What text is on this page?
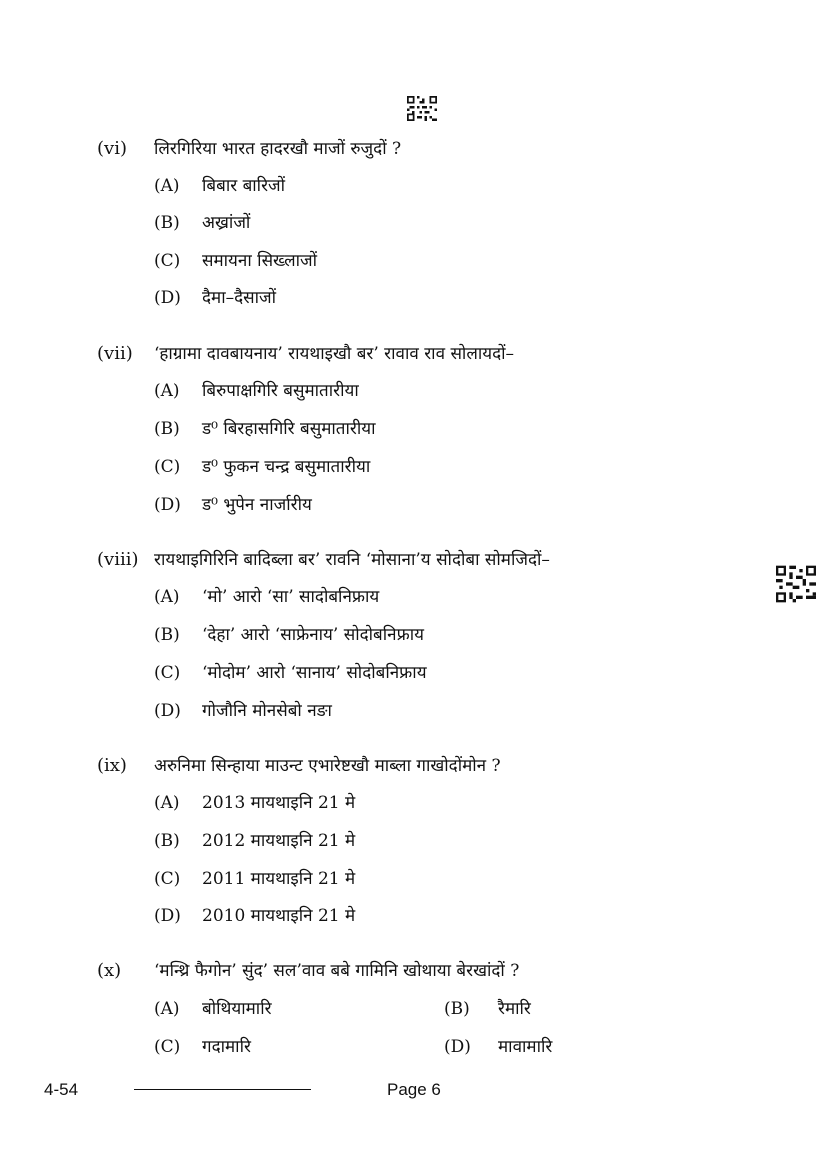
(vi) लिरगिरिया भारत हादरखौ माजों रुजुदों ?
(A) बिबार बारिजों
(B) अख्रांजों
(C) समायना सिख्लाजों
(D) दैमा–दैसाजों
(vii) ‘हाग्रामा दावबायनाय’ रायथाइखौ बर’ रावाव राव सोलायदों–
(A) बिरुपाक्षगिरि बसुमातारीया
(B) ड⁰ बिरहासगिरि बसुमातारीया
(C) ड⁰ फुकन चन्द्र बसुमातारीया
(D) ड⁰ भुपेन नार्जारीय
(viii) रायथाइगिरिनि बादिब्ला बर’ रावनि ‘मोसाना’य सोदोबा सोमजिदों–
(A) ‘मो’ आरो ‘सा’ सादोबनिफ्राय
(B) ‘देहा’ आरो ‘साफ्रेनाय’ सोदोबनिफ्राय
(C) ‘मोदोम’ आरो ‘सानाय’ सोदोबनिफ्राय
(D) गोजौनि मोनसेबो नङा
(ix) अरुनिमा सिन्हाया माउन्ट एभारेष्टखौ माब्ला गाखोदोंमोन ?
(A) 2013 मायथाइनि 21 मे
(B) 2012 मायथाइनि 21 मे
(C) 2011 मायथाइनि 21 मे
(D) 2010 मायथाइनि 21 मे
(x) ‘मन्थ्रि फैगोन’ सुंद’ सल’वाव बबे गामिनि खोथाया बेरखांदों ?
(A) बोथियामारि	(B) रैमारि
(C) गदामारि	(D) मावामारि
4-54	Page 6
